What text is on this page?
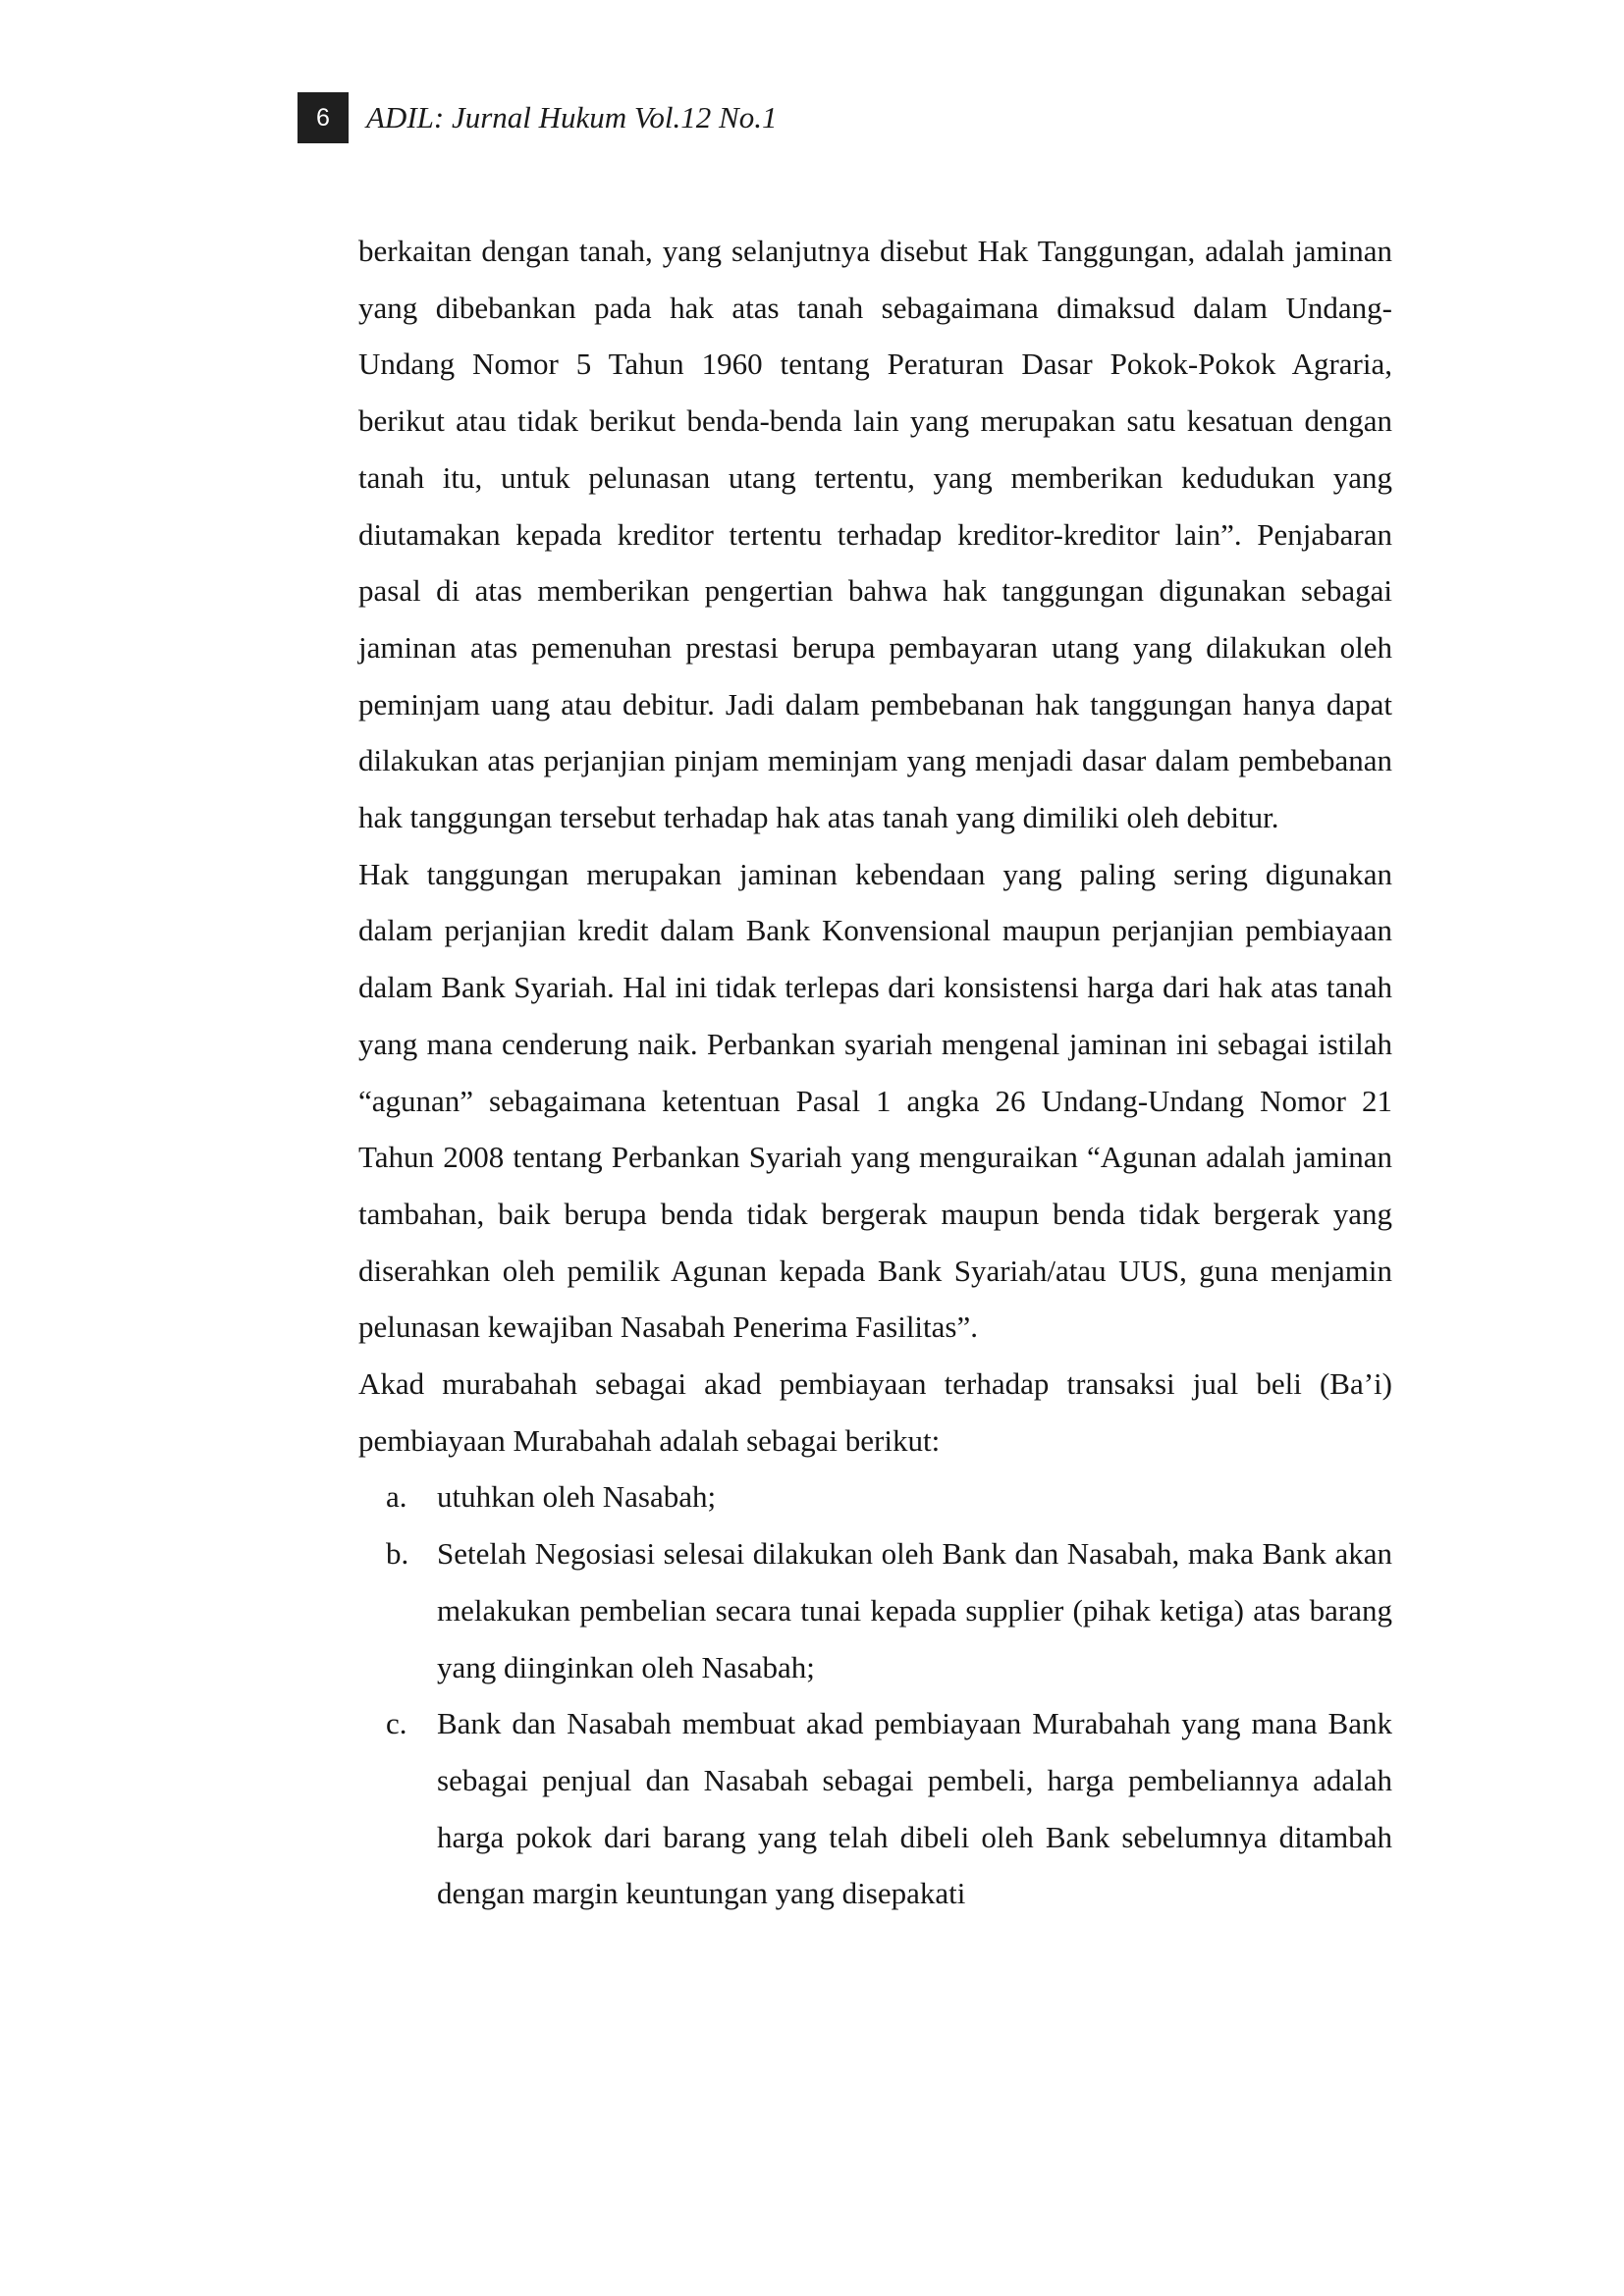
6	ADIL: Jurnal Hukum Vol.12 No.1

berkaitan dengan tanah, yang selanjutnya disebut Hak Tanggungan, adalah jaminan yang dibebankan pada hak atas tanah sebagaimana dimaksud dalam Undang-Undang Nomor 5 Tahun 1960 tentang Peraturan Dasar Pokok-Pokok Agraria, berikut atau tidak berikut benda-benda lain yang merupakan satu kesatuan dengan tanah itu, untuk pelunasan utang tertentu, yang memberikan kedudukan yang diutamakan kepada kreditor tertentu terhadap kreditor-kreditor lain”. Penjabaran pasal di atas memberikan pengertian bahwa hak tanggungan digunakan sebagai jaminan atas pemenuhan prestasi berupa pembayaran utang yang dilakukan oleh peminjam uang atau debitur. Jadi dalam pembebanan hak tanggungan hanya dapat dilakukan atas perjanjian pinjam meminjam yang menjadi dasar dalam pembebanan hak tanggungan tersebut terhadap hak atas tanah yang dimiliki oleh debitur.

Hak tanggungan merupakan jaminan kebendaan yang paling sering digunakan dalam perjanjian kredit dalam Bank Konvensional maupun perjanjian pembiayaan dalam Bank Syariah. Hal ini tidak terlepas dari konsistensi harga dari hak atas tanah yang mana cenderung naik. Perbankan syariah mengenal jaminan ini sebagai istilah “agunan” sebagaimana ketentuan Pasal 1 angka 26 Undang-Undang Nomor 21 Tahun 2008 tentang Perbankan Syariah yang menguraikan “Agunan adalah jaminan tambahan, baik berupa benda tidak bergerak maupun benda tidak bergerak yang diserahkan oleh pemilik Agunan kepada Bank Syariah/atau UUS, guna menjamin pelunasan kewajiban Nasabah Penerima Fasilitas”.

Akad murabahah sebagai akad pembiayaan terhadap transaksi jual beli (Ba’i) pembiayaan Murabahah adalah sebagai berikut:

a. utuhkan oleh Nasabah;
b. Setelah Negosiasi selesai dilakukan oleh Bank dan Nasabah, maka Bank akan melakukan pembelian secara tunai kepada supplier (pihak ketiga) atas barang yang diinginkan oleh Nasabah;
c. Bank dan Nasabah membuat akad pembiayaan Murabahah yang mana Bank sebagai penjual dan Nasabah sebagai pembeli, harga pembeliannya adalah harga pokok dari barang yang telah dibeli oleh Bank sebelumnya ditambah dengan margin keuntungan yang disepakati
